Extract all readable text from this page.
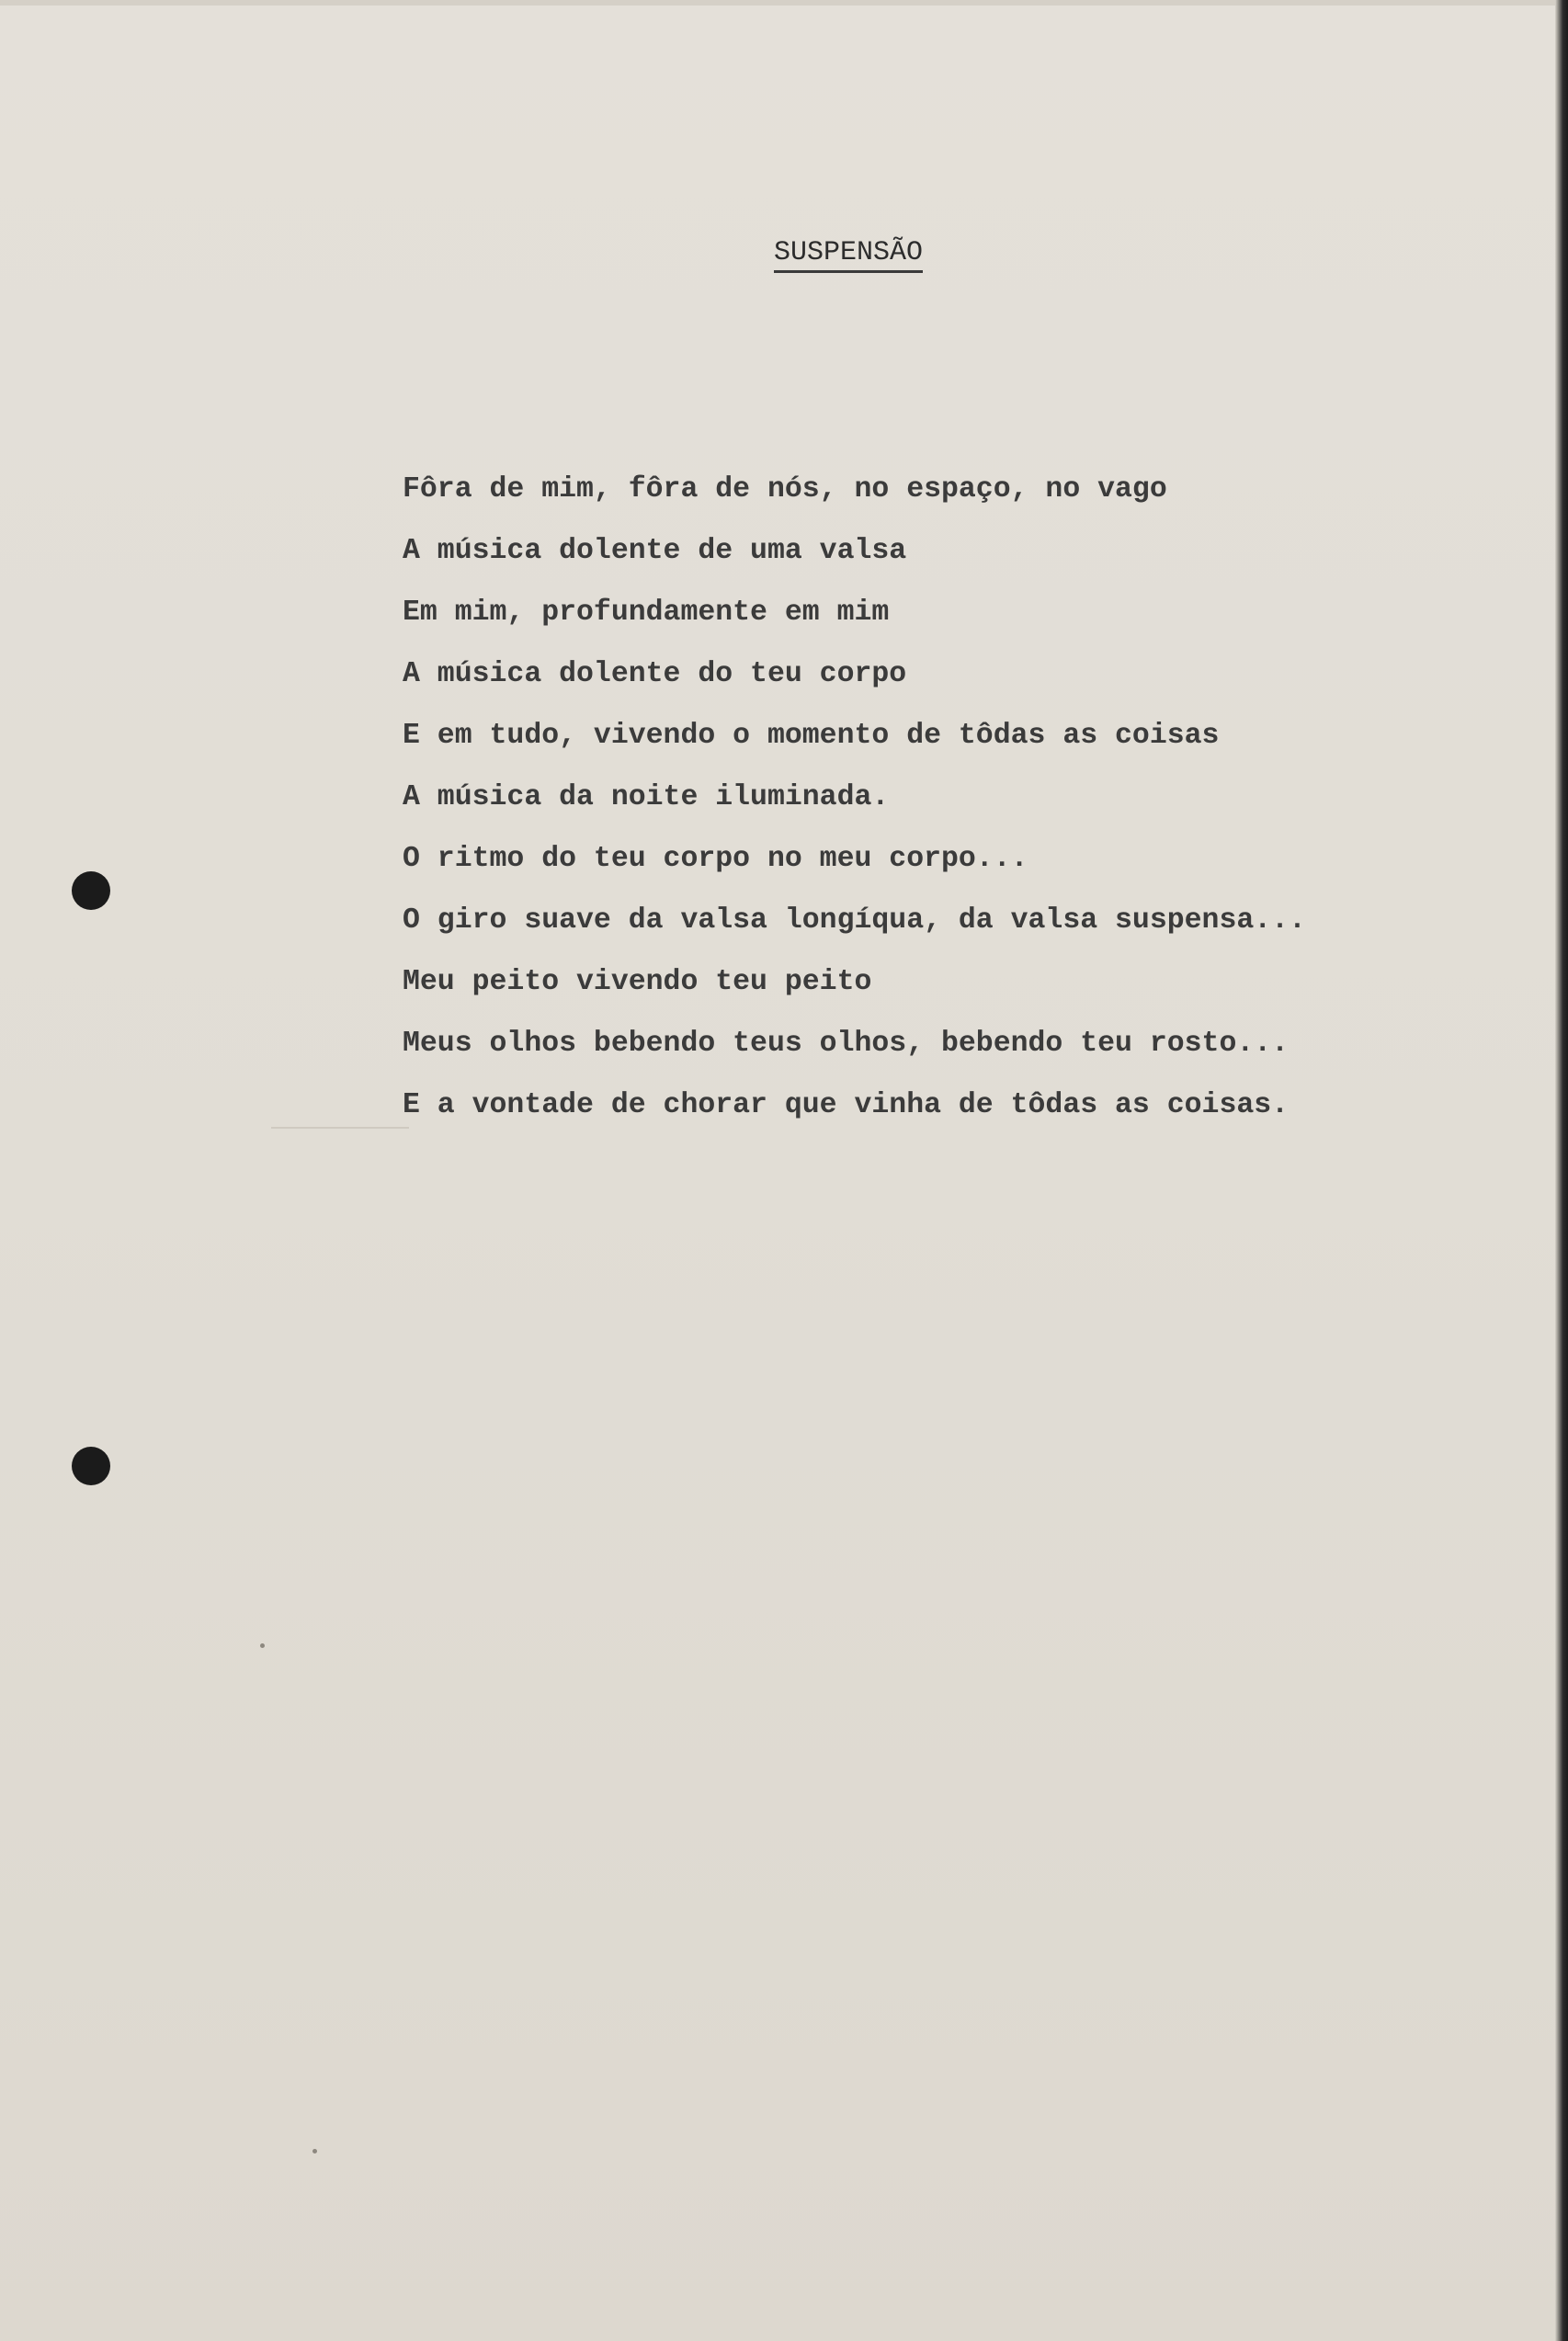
SUSPENSÃO
Fôra de mim, fôra de nós, no espaço, no vago
A música dolente de uma valsa
Em mim, profundamente em mim
A música dolente do teu corpo
E em tudo, vivendo o momento de tôdas as coisas
A música da noite iluminada.
O ritmo do teu corpo no meu corpo...
O giro suave da valsa longíqua, da valsa suspensa...
Meu peito vivendo teu peito
Meus olhos bebendo teus olhos, bebendo teu rosto...
E a vontade de chorar que vinha de tôdas as coisas.
